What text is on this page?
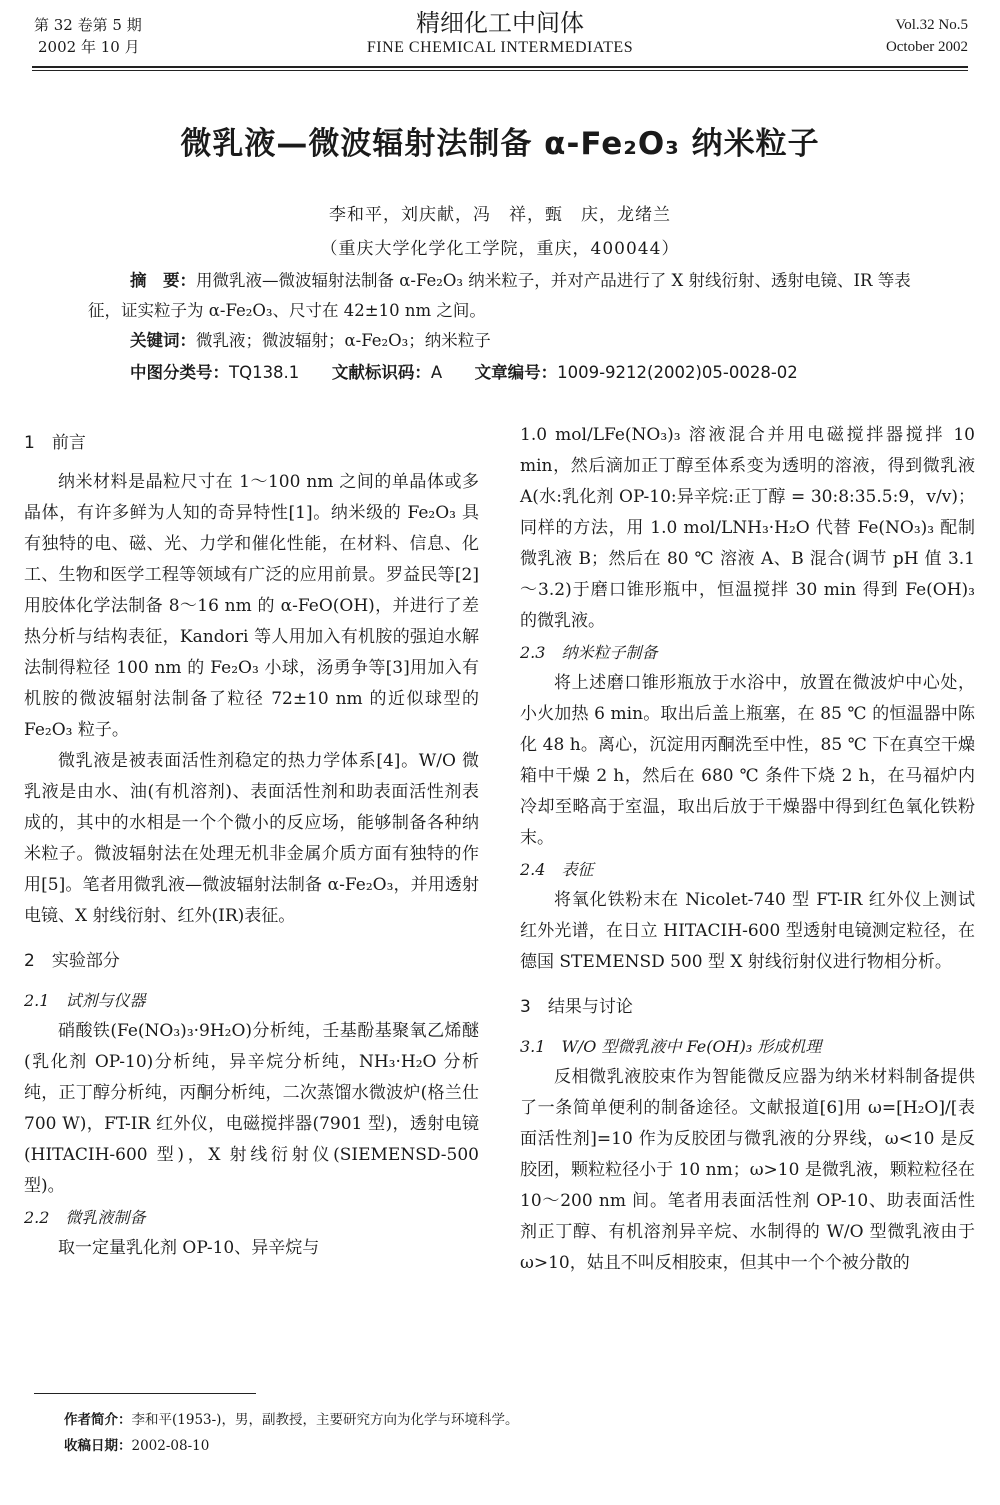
第 32 卷第 5 期
2002 年 10 月
精细化工中间体
FINE CHEMICAL INTERMEDIATES
Vol.32 No.5
October 2002
微乳液—微波辐射法制备 α-Fe₂O₃ 纳米粒子
李和平，刘庆献，冯　祥，甄　庆，龙绪兰
（重庆大学化学化工学院，重庆，400044）
摘　要：用微乳液—微波辐射法制备 α-Fe₂O₃ 纳米粒子，并对产品进行了 X 射线衍射、透射电镜、IR 等表征，证实粒子为 α-Fe₂O₃、尺寸在 42±10 nm 之间。
关键词：微乳液；微波辐射；α-Fe₂O₃；纳米粒子
中图分类号：TQ138.1 文献标识码：A 文章编号：1009-9212(2002)05-0028-02
1　前言

纳米材料是晶粒尺寸在 1～100 nm 之间的单晶体或多晶体，有许多鲜为人知的奇异特性[1]。纳米级的 Fe₂O₃ 具有独特的电、磁、光、力学和催化性能，在材料、信息、化工、生物和医学工程等领域有广泛的应用前景。罗益民等[2]用胶体化学法制备 8～16 nm 的 α-FeO(OH)，并进行了差热分析与结构表征，Kandori 等人用加入有机胺的强迫水解法制得粒径 100 nm 的 Fe₂O₃ 小球，汤勇争等[3]用加入有机胺的微波辐射法制备了粒径 72±10 nm 的近似球型的 Fe₂O₃ 粒子。

微乳液是被表面活性剂稳定的热力学体系[4]。W/O 微乳液是由水、油(有机溶剂)、表面活性剂和助表面活性剂表成的，其中的水相是一个个微小的反应场，能够制备各种纳米粒子。微波辐射法在处理无机非金属介质方面有独特的作用[5]。笔者用微乳液—微波辐射法制备 α-Fe₂O₃，并用透射电镜、X 射线衍射、红外(IR)表征。

2　实验部分
2.1　试剂与仪器

硝酸铁(Fe(NO₃)₃·9H₂O)分析纯，壬基酚基聚氧乙烯醚(乳化剂 OP-10)分析纯，异辛烷分析纯，NH₃·H₂O 分析纯，正丁醇分析纯，丙酮分析纯，二次蒸馏水微波炉(格兰仕 700 W)，FT-IR 红外仪，电磁搅拌器(7901 型)，透射电镜(HITACIH-600 型)，X 射线衍射仪(SIEMENSD-500 型)。

2.2　微乳液制备

取一定量乳化剂 OP-10、异辛烷与

1.0 mol/LFe(NO₃)₃ 溶液混合并用电磁搅拌器搅拌 10 min，然后滴加正丁醇至体系变为透明的溶液，得到微乳液 A(水:乳化剂 OP-10:异辛烷:正丁醇 = 30:8:35.5:9，v/v)；同样的方法，用 1.0 mol/LNH₃·H₂O 代替 Fe(NO₃)₃ 配制微乳液 B；然后在 80 ℃ 溶液 A、B 混合(调节 pH 值 3.1～3.2)于磨口锥形瓶中，恒温搅拌 30 min 得到 Fe(OH)₃ 的微乳液。

2.3　纳米粒子制备

将上述磨口锥形瓶放于水浴中，放置在微波炉中心处，小火加热 6 min。取出后盖上瓶塞，在 85 ℃ 的恒温器中陈化 48 h。离心，沉淀用丙酮洗至中性，85 ℃ 下在真空干燥箱中干燥 2 h，然后在 680 ℃ 条件下烧 2 h，在马福炉内冷却至略高于室温，取出后放于干燥器中得到红色氧化铁粉末。

2.4　表征

将氧化铁粉末在 Nicolet-740 型 FT-IR 红外仪上测试红外光谱，在日立 HITACIH-600 型透射电镜测定粒径，在德国 STEMENSD 500 型 X 射线衍射仪进行物相分析。

3　结果与讨论
3.1　W/O 型微乳液中 Fe(OH)₃ 形成机理

反相微乳液胶束作为智能微反应器为纳米材料制备提供了一条简单便利的制备途径。文献报道[6]用 ω=[H₂O]/[表面活性剂]=10 作为反胶团与微乳液的分界线，ω<10 是反胶团，颗粒粒径小于 10 nm；ω>10 是微乳液，颗粒粒径在 10～200 nm 间。笔者用表面活性剂 OP-10、助表面活性剂正丁醇、有机溶剂异辛烷、水制得的 W/O 型微乳液由于 ω>10，姑且不叫反相胶束，但其中一个个被分散的

作者简介：李和平(1953-)，男，副教授，主要研究方向为化学与环境科学。
收稿日期：2002-08-10
